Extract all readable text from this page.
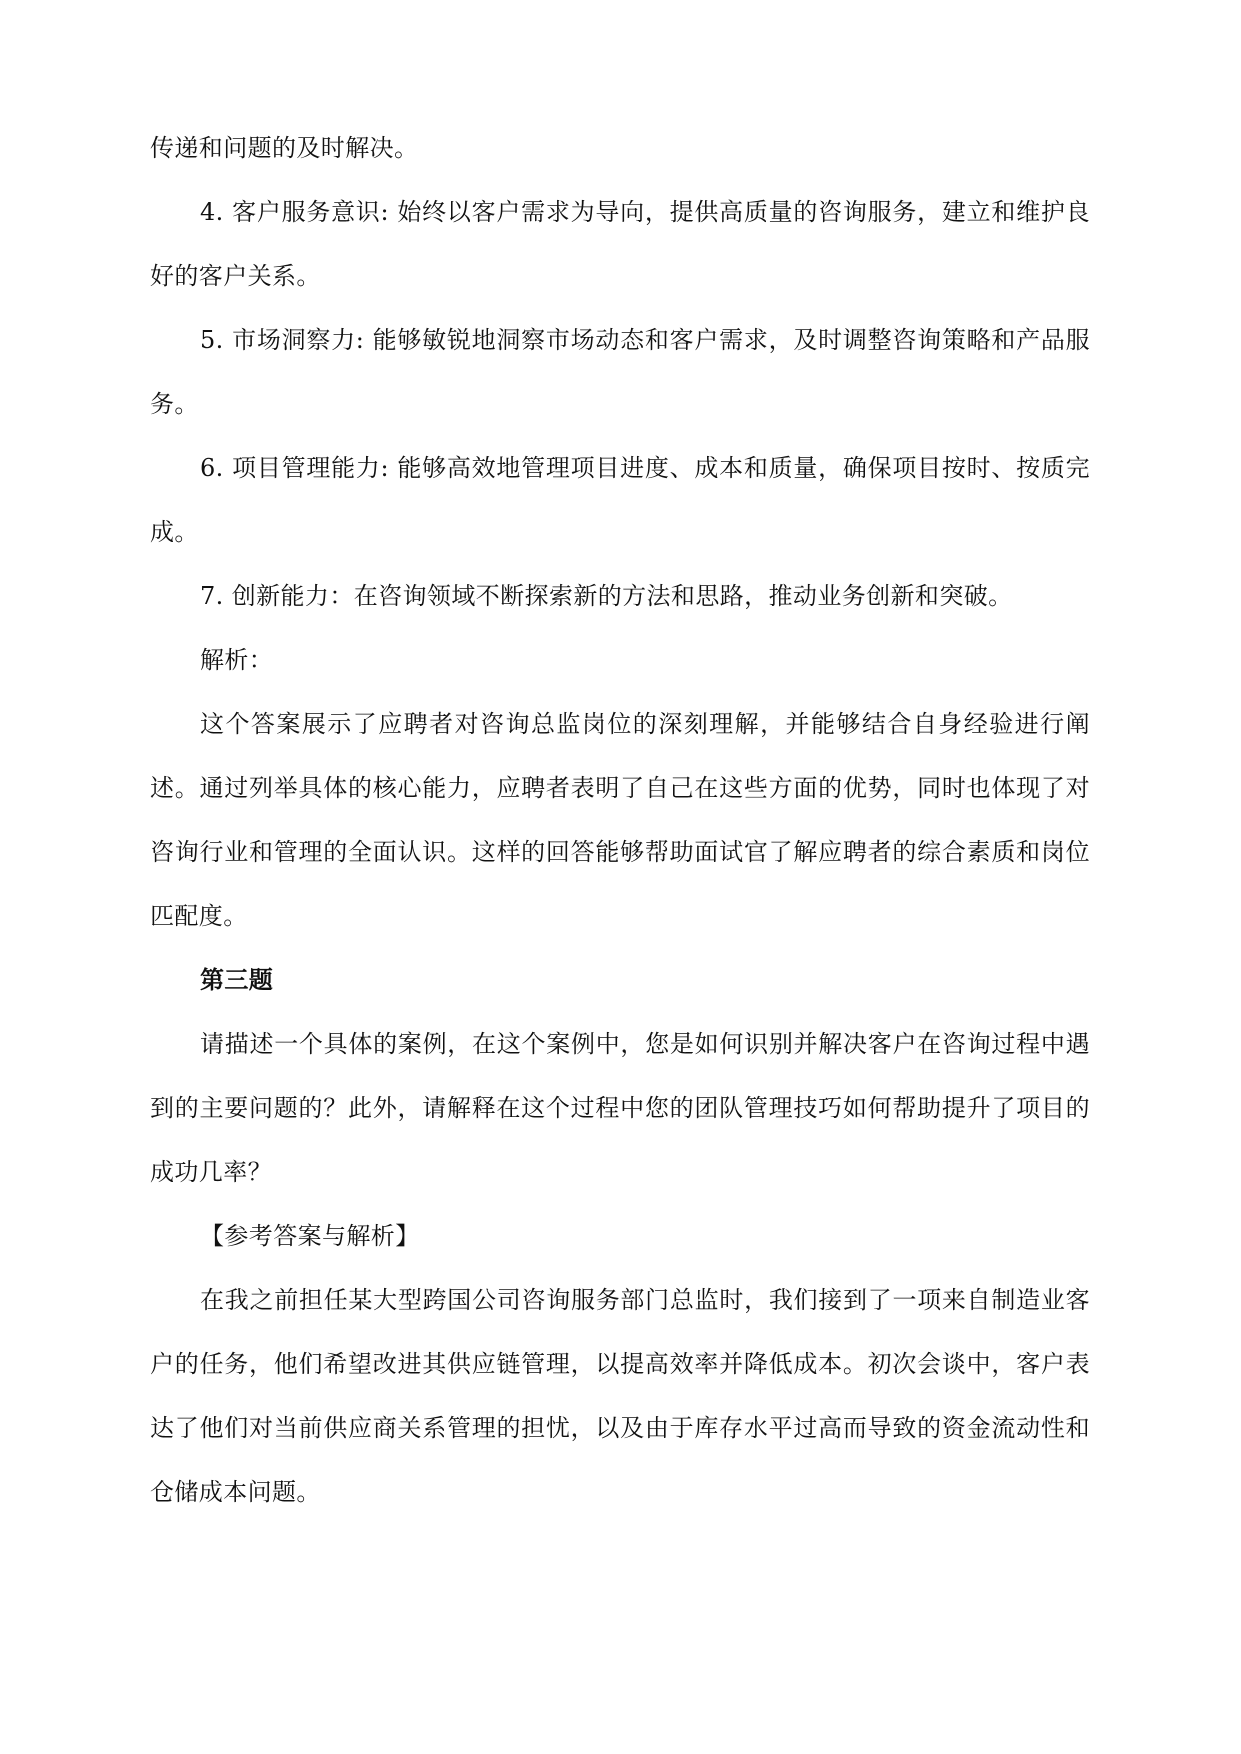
传递和问题的及时解决。

4. 客户服务意识: 始终以客户需求为导向，提供高质量的咨询服务，建立和维护良好的客户关系。

5. 市场洞察力: 能够敏锐地洞察市场动态和客户需求，及时调整咨询策略和产品服务。

6. 项目管理能力: 能够高效地管理项目进度、成本和质量，确保项目按时、按质完成。

7. 创新能力：在咨询领域不断探索新的方法和思路，推动业务创新和突破。

解析：

这个答案展示了应聘者对咨询总监岗位的深刻理解，并能够结合自身经验进行阐述。通过列举具体的核心能力，应聘者表明了自己在这些方面的优势，同时也体现了对咨询行业和管理的全面认识。这样的回答能够帮助面试官了解应聘者的综合素质和岗位匹配度。

第三题

请描述一个具体的案例，在这个案例中，您是如何识别并解决客户在咨询过程中遇到的主要问题的？此外，请解释在这个过程中您的团队管理技巧如何帮助提升了项目的成功几率？

【参考答案与解析】

在我之前担任某大型跨国公司咨询服务部门总监时，我们接到了一项来自制造业客户的任务，他们希望改进其供应链管理，以提高效率并降低成本。初次会谈中，客户表达了他们对当前供应商关系管理的担忧，以及由于库存水平过高而导致的资金流动性和仓储成本问题。
